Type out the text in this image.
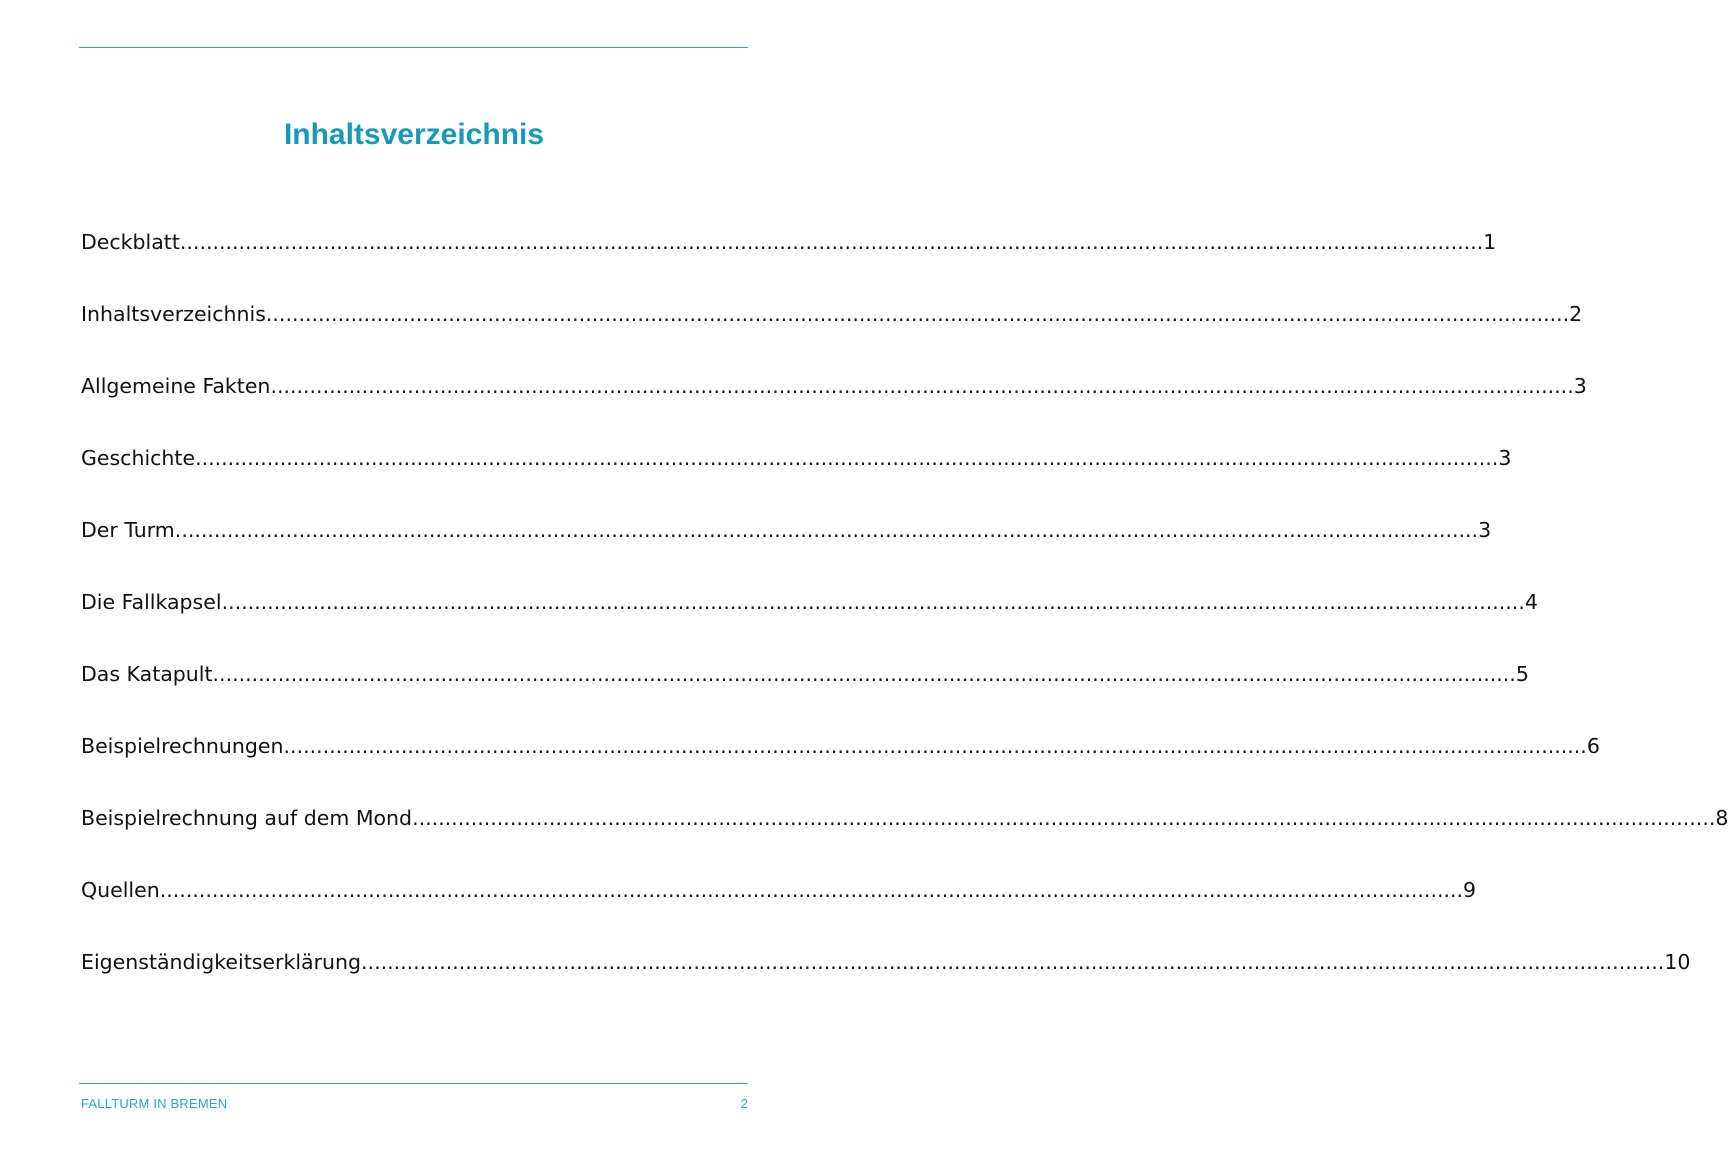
Inhaltsverzeichnis
Deckblatt ........................................................................................................................................................................................................ 1
Inhaltsverzeichnis ........................................................................................................................................................................................................ 2
Allgemeine Fakten ........................................................................................................................................................................................................ 3
Geschichte ........................................................................................................................................................................................................ 3
Der Turm ........................................................................................................................................................................................................ 3
Die Fallkapsel ........................................................................................................................................................................................................ 4
Das Katapult ........................................................................................................................................................................................................ 5
Beispielrechnungen ........................................................................................................................................................................................................ 6
Beispielrechnung auf dem Mond ........................................................................................................................................................................................................ 8
Quellen ........................................................................................................................................................................................................ 9
Eigenständigkeitserklärung ........................................................................................................................................................................................................ 10
FALLTURM IN BREMEN	2
